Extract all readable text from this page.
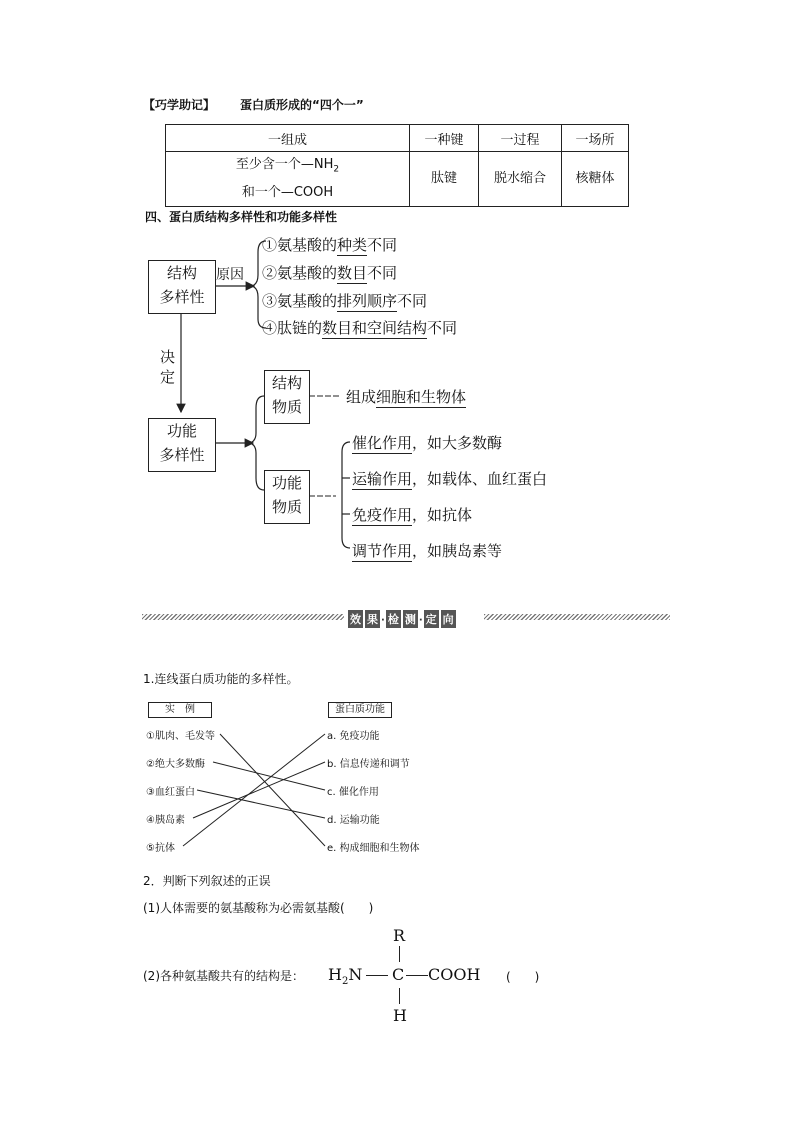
【巧学助记】 蛋白质形成的“四个一”
一组成	一种键	一过程	一场所

至少含一个$—NH_2$
和一个—COOH	肽键	脱水缩合	核糖体
四、蛋白质结构多样性和功能多样性
结构
多样性
原因
①氨基酸的种类不同
②氨基酸的数目不同
③氨基酸的排列顺序不同
④肽链的数目和空间结构不同
决
定
功能
多样性
结构
物质
组成细胞和生物体
功能
物质
催化作用，如大多数酶
运输作用，如载体、血红蛋白
免疫作用，如抗体
调节作用，如胰岛素等
效 果 · 检 测 · 定 向
1.连线蛋白质功能的多样性。
实　例	蛋白质功能
①肌肉、毛发等
②绝大多数酶
③血红蛋白
④胰岛素
⑤抗体
a. 免疫功能
b. 信息传递和调节
c. 催化作用
d. 运输功能
e. 构成细胞和生物体
2．判断下列叙述的正误
(1)人体需要的氨基酸称为必需氨基酸(　　)
(2)各种氨基酸共有的结构是：
R
$H_2N$ C COOH
H
(　　)
